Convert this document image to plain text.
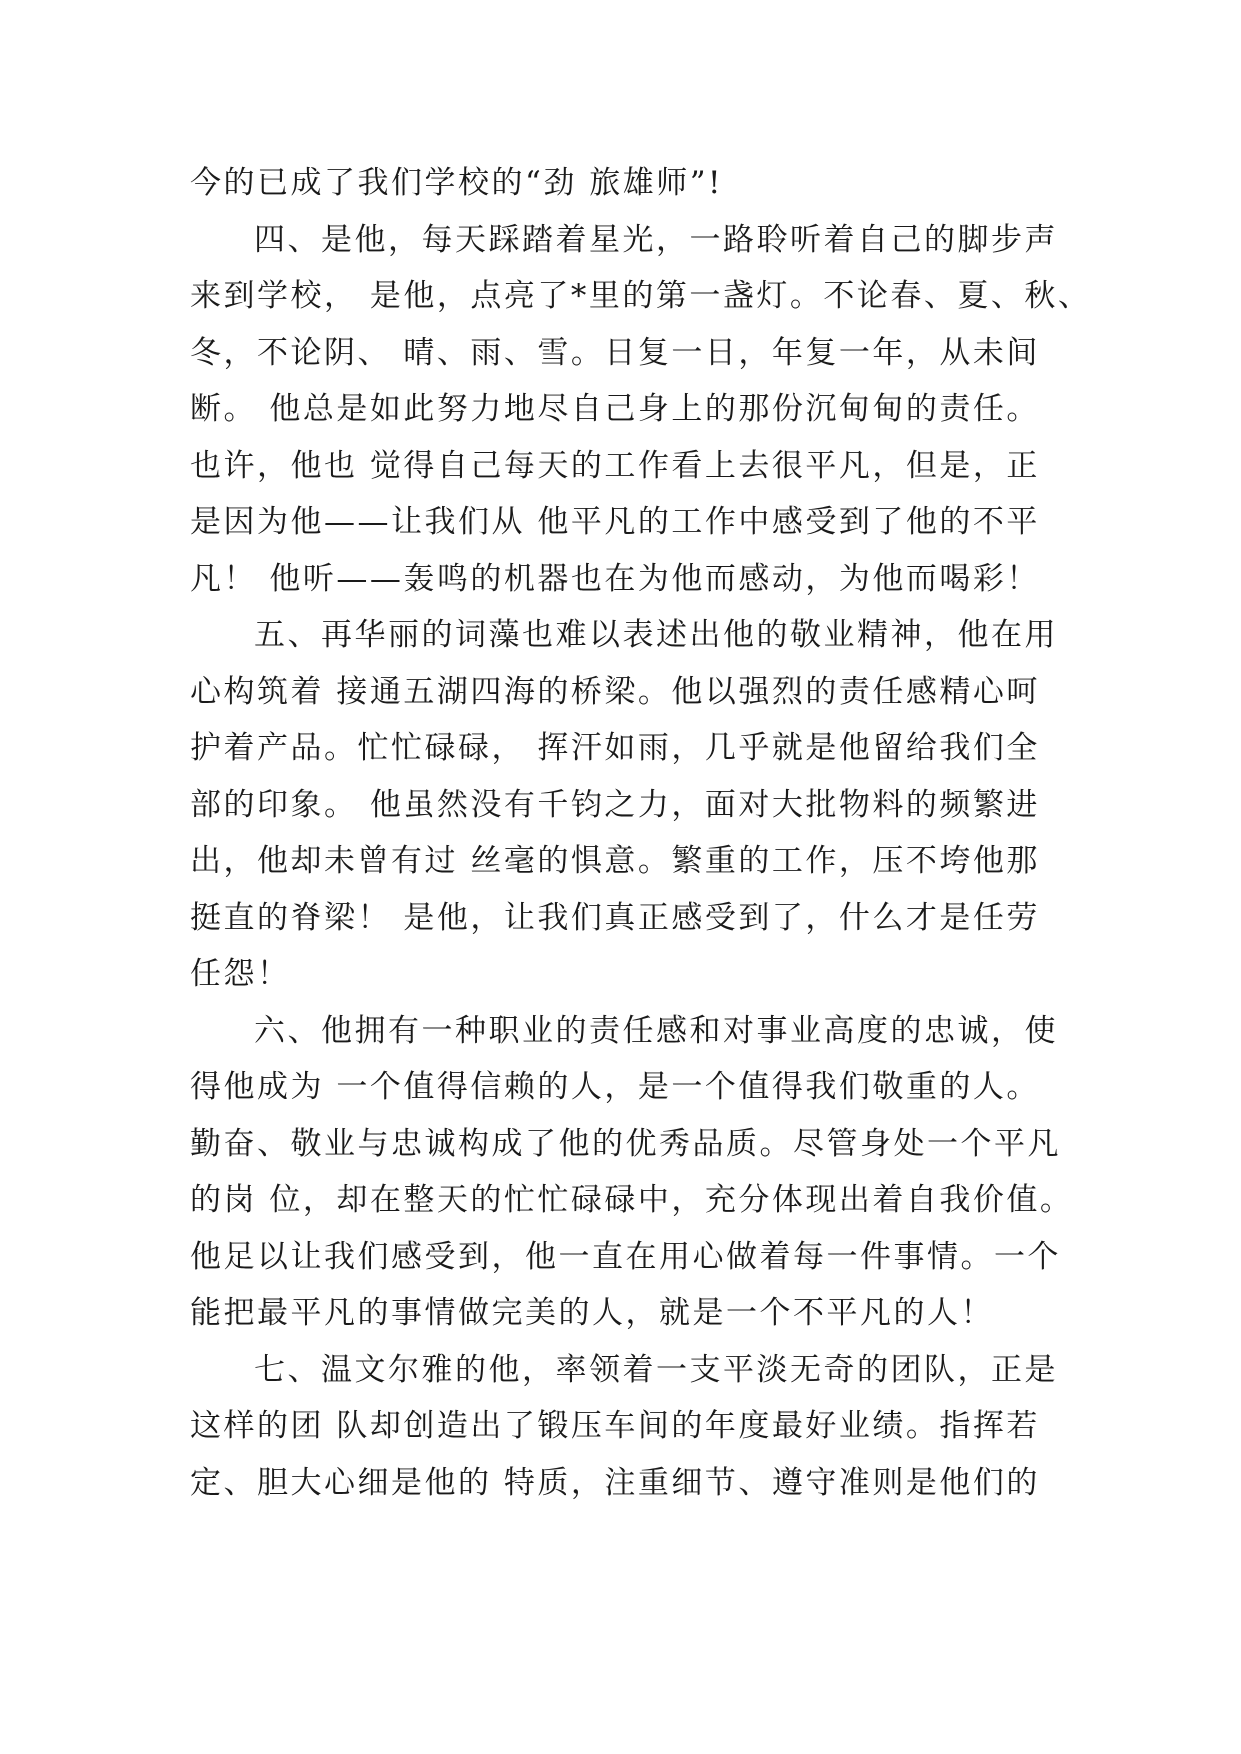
今的已成了我们学校的“劲 旅雄师”!
四、是他，每天踩踏着星光，一路聆听着自己的脚步声
来到学校， 是他，点亮了*里的第一盏灯。不论春、夏、秋、
冬，不论阴、 晴、雨、雪。日复一日，年复一年，从未间
断。 他总是如此努力地尽自己身上的那份沉甸甸的责任。
也许，他也 觉得自己每天的工作看上去很平凡，但是，正
是因为他——让我们从 他平凡的工作中感受到了他的不平
凡！ 他听——轰鸣的机器也在为他而感动，为他而喝彩！
五、再华丽的词藻也难以表述出他的敬业精神，他在用
心构筑着 接通五湖四海的桥梁。他以强烈的责任感精心呵
护着产品。忙忙碌碌， 挥汗如雨，几乎就是他留给我们全
部的印象。 他虽然没有千钧之力，面对大批物料的频繁进
出，他却未曾有过 丝毫的惧意。繁重的工作，压不垮他那
挺直的脊梁！ 是他，让我们真正感受到了，什么才是任劳
任怨！
六、他拥有一种职业的责任感和对事业高度的忠诚，使
得他成为 一个值得信赖的人，是一个值得我们敬重的人。
勤奋、敬业与忠诚构成了他的优秀品质。尽管身处一个平凡
的岗 位，却在整天的忙忙碌碌中，充分体现出着自我价值。
他足以让我们感受到，他一直在用心做着每一件事情。一个
能把最平凡的事情做完美的人，就是一个不平凡的人！
七、温文尔雅的他，率领着一支平淡无奇的团队，正是
这样的团 队却创造出了锻压车间的年度最好业绩。指挥若
定、胆大心细是他的 特质，注重细节、遵守准则是他们的
